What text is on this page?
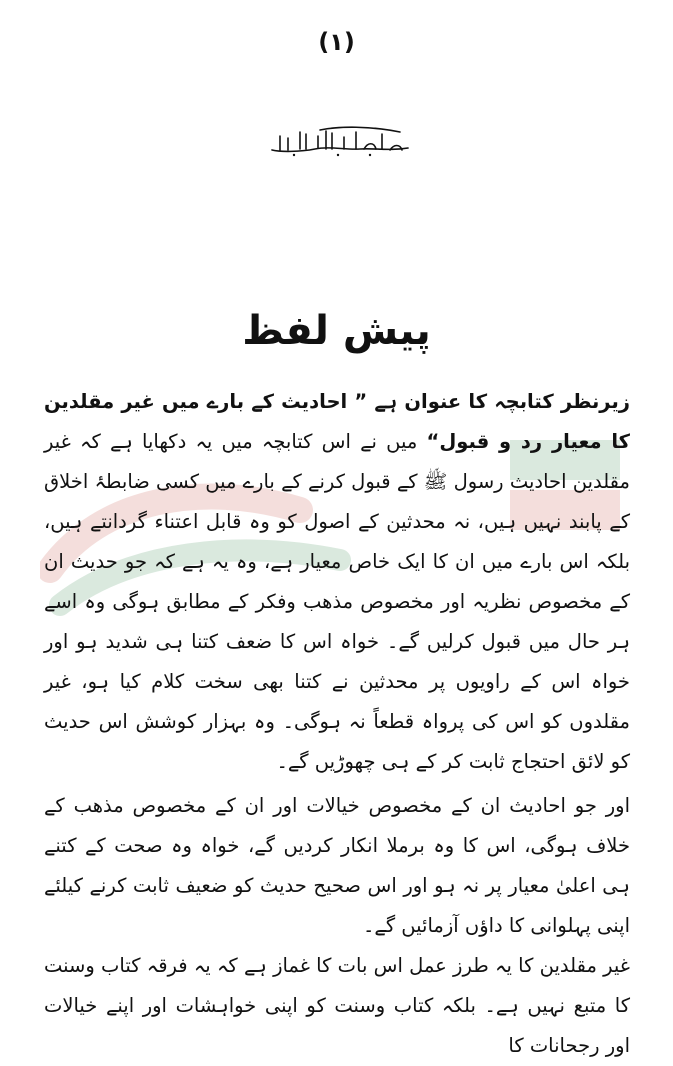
(۱)
پیش لفظ

زیرنظر کتابچہ کا عنوان ہے ” احادیث کے بارے میں غیر مقلدین کا معیار رد و قبول“ میں نے اس کتابچہ میں یہ دکھایا ہے کہ غیر مقلدین احادیث رسول ﷺ کے قبول کرنے کے بارے میں کسی ضابطۂ اخلاق کے پابند نہیں ہیں، نہ محدثین کے اصول کو وہ قابل اعتناء گردانتے ہیں، بلکہ اس بارے میں ان کا ایک خاص معیار ہے، وہ یہ ہے کہ جو حدیث ان کے مخصوص نظریہ اور مخصوص مذھب وفکر کے مطابق ہوگی وہ اسے ہر حال میں قبول کرلیں گے۔ خواہ اس کا ضعف کتنا ہی شدید ہو اور خواہ اس کے راویوں پر محدثین نے کتنا بھی سخت کلام کیا ہو، غیر مقلدوں کو اس کی پرواہ قطعاً نہ ہوگی۔ وہ بہزار کوشش اس حدیث کو لائق احتجاج ثابت کر کے ہی چھوڑیں گے۔

اور جو احادیث ان کے مخصوص خیالات اور ان کے مخصوص مذھب کے خلاف ہوگی، اس کا وہ برملا انکار کردیں گے، خواہ وہ صحت کے کتنے ہی اعلیٰ معیار پر نہ ہو اور اس صحیح حدیث کو ضعیف ثابت کرنے کیلئے اپنی پہلوانی کا داؤں آزمائیں گے۔

غیر مقلدین کا یہ طرز عمل اس بات کا غماز ہے کہ یہ فرقہ کتاب وسنت کا متبع نہیں ہے۔ بلکہ کتاب وسنت کو اپنی خواہشات اور اپنے خیالات اور رجحانات کا
